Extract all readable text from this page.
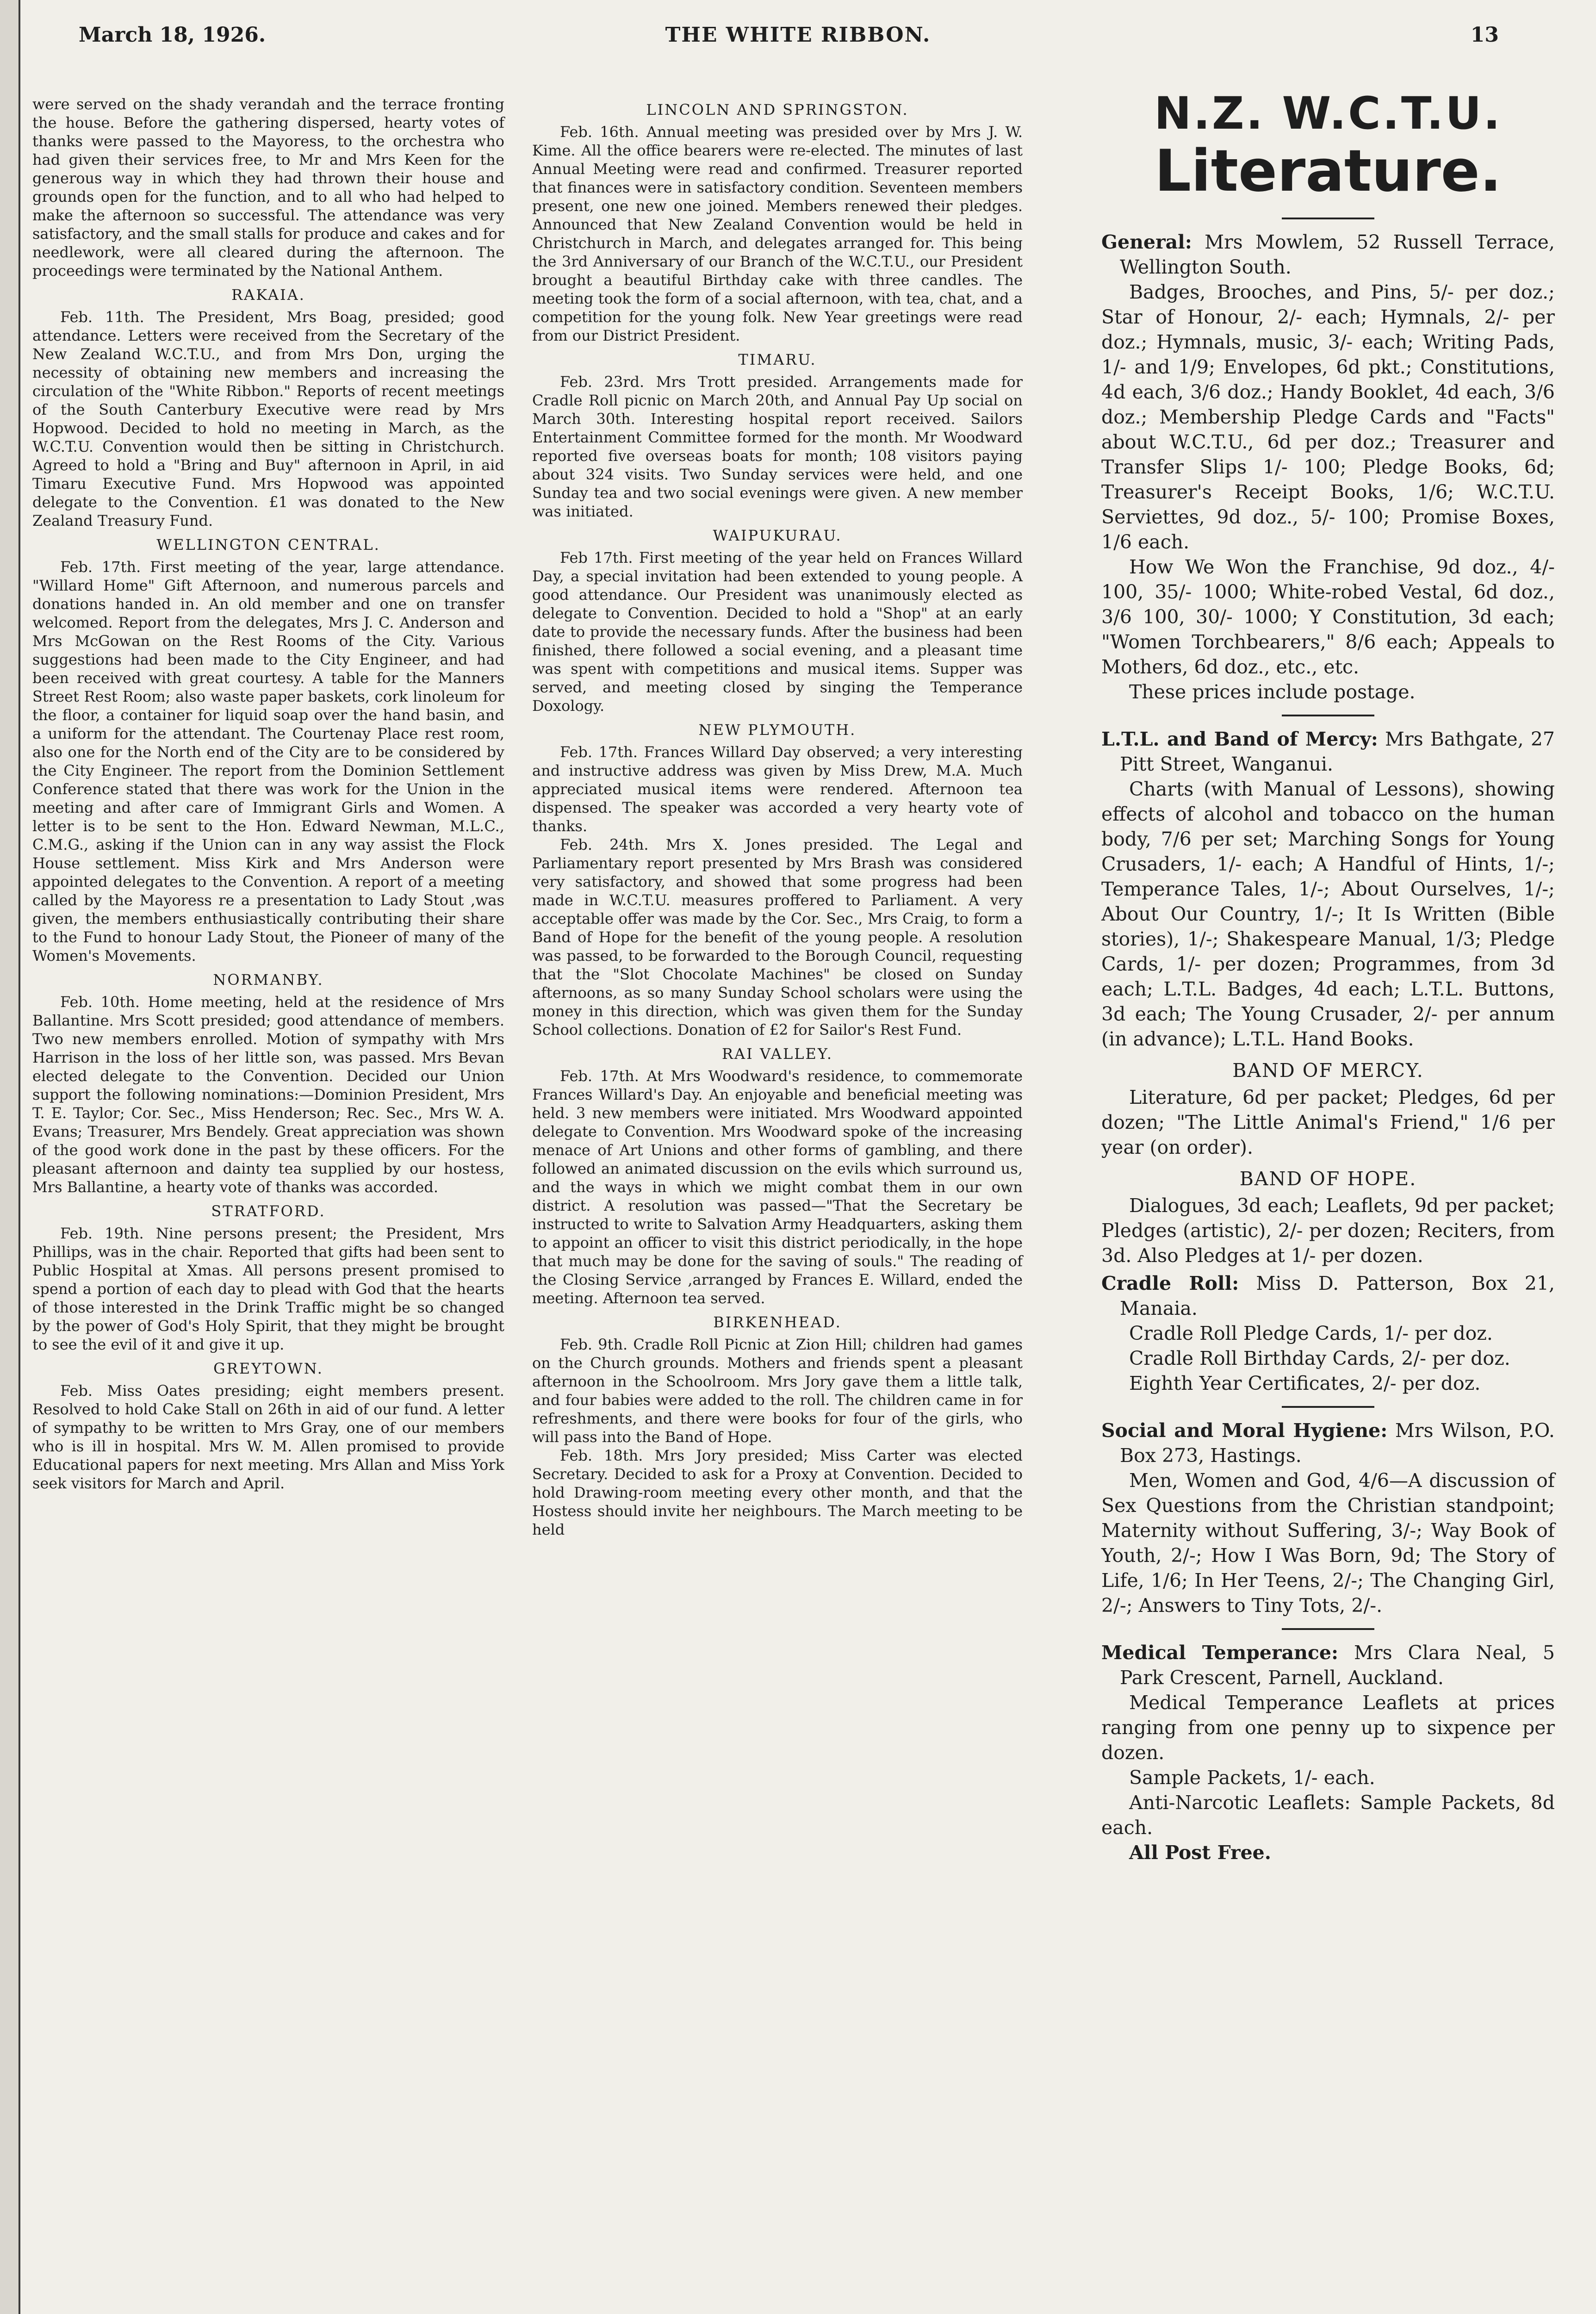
March 18, 1926.	THE WHITE RIBBON.	13

were served on the shady verandah and the terrace fronting the house. Before the gathering dispersed, hearty votes of thanks were passed to the Mayoress, to the orchestra who had given their services free, to Mr and Mrs Keen for the generous way in which they had thrown their house and grounds open for the function, and to all who had helped to make the afternoon so successful. The attendance was very satisfactory, and the small stalls for produce and cakes and for needlework, were all cleared during the afternoon. The proceedings were terminated by the National Anthem.

RAKAIA.

Feb. 11th. The President, Mrs Boag, presided; good attendance. Letters were received from the Secretary of the New Zealand W.C.T.U., and from Mrs Don, urging the necessity of obtaining new members and increasing the circulation of the "White Ribbon." Reports of recent meetings of the South Canterbury Executive were read by Mrs Hopwood. Decided to hold no meeting in March, as the W.C.T.U. Convention would then be sitting in Christchurch. Agreed to hold a "Bring and Buy" afternoon in April, in aid Timaru Executive Fund. Mrs Hopwood was appointed delegate to the Convention. £1 was donated to the New Zealand Treasury Fund.

WELLINGTON CENTRAL.

Feb. 17th. First meeting of the year, large attendance. "Willard Home" Gift Afternoon, and numerous parcels and donations handed in. An old member and one on transfer welcomed. Report from the delegates, Mrs J. C. Anderson and Mrs McGowan on the Rest Rooms of the City. Various suggestions had been made to the City Engineer, and had been received with great courtesy. A table for the Manners Street Rest Room; also waste paper baskets, cork linoleum for the floor, a container for liquid soap over the hand basin, and a uniform for the attendant. The Courtenay Place rest room, also one for the North end of the City are to be considered by the City Engineer. The report from the Dominion Settlement Conference stated that there was work for the Union in the meeting and after care of Immigrant Girls and Women. A letter is to be sent to the Hon. Edward Newman, M.L.C., C.M.G., asking if the Union can in any way assist the Flock House settlement. Miss Kirk and Mrs Anderson were appointed delegates to the Convention. A report of a meeting called by the Mayoress re a presentation to Lady Stout ,was given, the members enthusiastically contributing their share to the Fund to honour Lady Stout, the Pioneer of many of the Women's Movements.

NORMANBY.

Feb. 10th. Home meeting, held at the residence of Mrs Ballantine. Mrs Scott presided; good attendance of members. Two new members enrolled. Motion of sympathy with Mrs Harrison in the loss of her little son, was passed. Mrs Bevan elected delegate to the Convention. Decided our Union support the following nominations:—Dominion President, Mrs T. E. Taylor; Cor. Sec., Miss Henderson; Rec. Sec., Mrs W. A. Evans; Treasurer, Mrs Bendely. Great appreciation was shown of the good work done in the past by these officers. For the pleasant afternoon and dainty tea supplied by our hostess, Mrs Ballantine, a hearty vote of thanks was accorded.

STRATFORD.

Feb. 19th. Nine persons present; the President, Mrs Phillips, was in the chair. Reported that gifts had been sent to Public Hospital at Xmas. All persons present promised to spend a portion of each day to plead with God that the hearts of those interested in the Drink Traffic might be so changed by the power of God's Holy Spirit, that they might be brought to see the evil of it and give it up.

GREYTOWN.

Feb. Miss Oates presiding; eight members present. Resolved to hold Cake Stall on 26th in aid of our fund. A letter of sympathy to be written to Mrs Gray, one of our members who is ill in hospital. Mrs W. M. Allen promised to provide Educational papers for next meeting. Mrs Allan and Miss York seek visitors for March and April.

LINCOLN AND SPRINGSTON.

Feb. 16th. Annual meeting was presided over by Mrs J. W. Kime. All the office bearers were re-elected. The minutes of last Annual Meeting were read and confirmed. Treasurer reported that finances were in satisfactory condition. Seventeen members present, one new one joined. Members renewed their pledges. Announced that New Zealand Convention would be held in Christchurch in March, and delegates arranged for. This being the 3rd Anniversary of our Branch of the W.C.T.U., our President brought a beautiful Birthday cake with three candles. The meeting took the form of a social afternoon, with tea, chat, and a competition for the young folk. New Year greetings were read from our District President.

TIMARU.

Feb. 23rd. Mrs Trott presided. Arrangements made for Cradle Roll picnic on March 20th, and Annual Pay Up social on March 30th. Interesting hospital report received. Sailors Entertainment Committee formed for the month. Mr Woodward reported five overseas boats for month; 108 visitors paying about 324 visits. Two Sunday services were held, and one Sunday tea and two social evenings were given. A new member was initiated.

WAIPUKURAU.

Feb 17th. First meeting of the year held on Frances Willard Day, a special invitation had been extended to young people. A good attendance. Our President was unanimously elected as delegate to Convention. Decided to hold a "Shop" at an early date to provide the necessary funds. After the business had been finished, there followed a social evening, and a pleasant time was spent with competitions and musical items. Supper was served, and meeting closed by singing the Temperance Doxology.

NEW PLYMOUTH.

Feb. 17th. Frances Willard Day observed; a very interesting and instructive address was given by Miss Drew, M.A. Much appreciated musical items were rendered. Afternoon tea dispensed. The speaker was accorded a very hearty vote of thanks.

Feb. 24th. Mrs X. Jones presided. The Legal and Parliamentary report presented by Mrs Brash was considered very satisfactory, and showed that some progress had been made in W.C.T.U. measures proffered to Parliament. A very acceptable offer was made by the Cor. Sec., Mrs Craig, to form a Band of Hope for the benefit of the young people. A resolution was passed, to be forwarded to the Borough Council, requesting that the "Slot Chocolate Machines" be closed on Sunday afternoons, as so many Sunday School scholars were using the money in this direction, which was given them for the Sunday School collections. Donation of £2 for Sailor's Rest Fund.

RAI VALLEY.

Feb. 17th. At Mrs Woodward's residence, to commemorate Frances Willard's Day. An enjoyable and beneficial meeting was held. 3 new members were initiated. Mrs Woodward appointed delegate to Convention. Mrs Woodward spoke of the increasing menace of Art Unions and other forms of gambling, and there followed an animated discussion on the evils which surround us, and the ways in which we might combat them in our own district. A resolution was passed—"That the Secretary be instructed to write to Salvation Army Headquarters, asking them to appoint an officer to visit this district periodically, in the hope that much may be done for the saving of souls." The reading of the Closing Service ,arranged by Frances E. Willard, ended the meeting. Afternoon tea served.

BIRKENHEAD.

Feb. 9th. Cradle Roll Picnic at Zion Hill; children had games on the Church grounds. Mothers and friends spent a pleasant afternoon in the Schoolroom. Mrs Jory gave them a little talk, and four babies were added to the roll. The children came in for refreshments, and there were books for four of the girls, who will pass into the Band of Hope.

Feb. 18th. Mrs Jory presided; Miss Carter was elected Secretary. Decided to ask for a Proxy at Convention. Decided to hold Drawing-room meeting every other month, and that the Hostess should invite her neighbours. The March meeting to be held

N.Z. W.C.T.U.

Literature.

General: Mrs Mowlem, 52 Russell Terrace, Wellington South.

Badges, Brooches, and Pins, 5/- per doz.; Star of Honour, 2/- each; Hymnals, 2/- per doz.; Hymnals, music, 3/- each; Writing Pads, 1/- and 1/9; Envelopes, 6d pkt.; Constitutions, 4d each, 3/6 doz.; Handy Booklet, 4d each, 3/6 doz.; Membership Pledge Cards and "Facts" about W.C.T.U., 6d per doz.; Treasurer and Transfer Slips 1/- 100; Pledge Books, 6d; Treasurer's Receipt Books, 1/6; W.C.T.U. Serviettes, 9d doz., 5/- 100; Promise Boxes, 1/6 each.

How We Won the Franchise, 9d doz., 4/- 100, 35/- 1000; White-robed Vestal, 6d doz., 3/6 100, 30/- 1000; Y Constitution, 3d each; "Women Torchbearers," 8/6 each; Appeals to Mothers, 6d doz., etc., etc.

These prices include postage.

L.T.L. and Band of Mercy: Mrs Bathgate, 27 Pitt Street, Wanganui.

Charts (with Manual of Lessons), showing effects of alcohol and tobacco on the human body, 7/6 per set; Marching Songs for Young Crusaders, 1/- each; A Handful of Hints, 1/-; Temperance Tales, 1/-; About Ourselves, 1/-; About Our Country, 1/-; It Is Written (Bible stories), 1/-; Shakespeare Manual, 1/3; Pledge Cards, 1/- per dozen; Programmes, from 3d each; L.T.L. Badges, 4d each; L.T.L. Buttons, 3d each; The Young Crusader, 2/- per annum (in advance); L.T.L. Hand Books.

BAND OF MERCY.

Literature, 6d per packet; Pledges, 6d per dozen; "The Little Animal's Friend," 1/6 per year (on order).

BAND OF HOPE.

Dialogues, 3d each; Leaflets, 9d per packet; Pledges (artistic), 2/- per dozen; Reciters, from 3d. Also Pledges at 1/- per dozen.

Cradle Roll: Miss D. Patterson, Box 21, Manaia.

Cradle Roll Pledge Cards, 1/- per doz.

Cradle Roll Birthday Cards, 2/- per doz.

Eighth Year Certificates, 2/- per doz.

Social and Moral Hygiene: Mrs Wilson, P.O. Box 273, Hastings.

Men, Women and God, 4/6—A discussion of Sex Questions from the Christian standpoint; Maternity without Suffering, 3/-; Way Book of Youth, 2/-; How I Was Born, 9d; The Story of Life, 1/6; In Her Teens, 2/-; The Changing Girl, 2/-; Answers to Tiny Tots, 2/-.

Medical Temperance: Mrs Clara Neal, 5 Park Crescent, Parnell, Auckland.

Medical Temperance Leaflets at prices ranging from one penny up to sixpence per dozen.

Sample Packets, 1/- each.

Anti-Narcotic Leaflets: Sample Packets, 8d each.

All Post Free.
